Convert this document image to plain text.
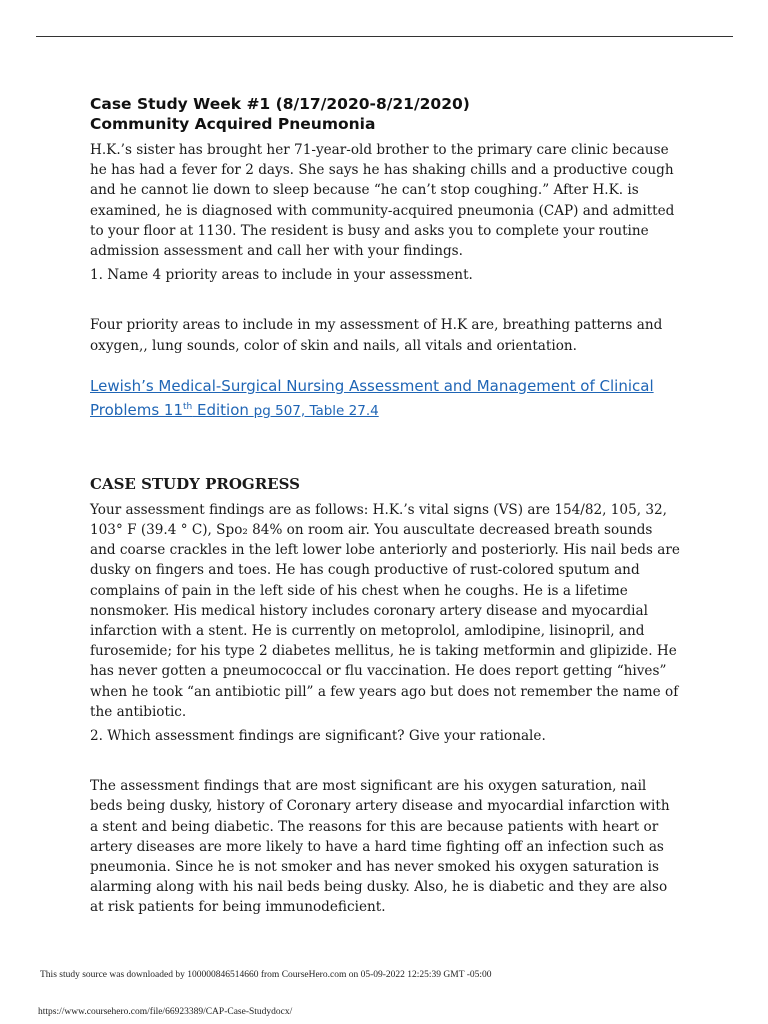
Case Study Week #1 (8/17/2020-8/21/2020)
Community Acquired Pneumonia

H.K.’s sister has brought her 71-year-old brother to the primary care clinic because he has had a fever for 2 days. She says he has shaking chills and a productive cough and he cannot lie down to sleep because “he can’t stop coughing.” After H.K. is examined, he is diagnosed with community-acquired pneumonia (CAP) and admitted to your floor at 1130. The resident is busy and asks you to complete your routine admission assessment and call her with your findings.

1. Name 4 priority areas to include in your assessment.

Four priority areas to include in my assessment of H.K are, breathing patterns and oxygen,, lung sounds, color of skin and nails, all vitals and orientation.

Lewish’s Medical-Surgical Nursing Assessment and Management of Clinical Problems 11th Edition pg 507, Table 27.4
CASE STUDY PROGRESS

Your assessment findings are as follows: H.K.’s vital signs (VS) are 154/82, 105, 32, 103° F (39.4 ° C), Spo₂ 84% on room air. You auscultate decreased breath sounds and coarse crackles in the left lower lobe anteriorly and posteriorly. His nail beds are dusky on fingers and toes. He has cough productive of rust-colored sputum and complains of pain in the left side of his chest when he coughs. He is a lifetime nonsmoker. His medical history includes coronary artery disease and myocardial infarction with a stent. He is currently on metoprolol, amlodipine, lisinopril, and furosemide; for his type 2 diabetes mellitus, he is taking metformin and glipizide. He has never gotten a pneumococcal or flu vaccination. He does report getting “hives” when he took “an antibiotic pill” a few years ago but does not remember the name of the antibiotic.

2. Which assessment findings are significant? Give your rationale.

The assessment findings that are most significant are his oxygen saturation, nail beds being dusky, history of Coronary artery disease and myocardial infarction with a stent and being diabetic. The reasons for this are because patients with heart or artery diseases are more likely to have a hard time fighting off an infection such as pneumonia. Since he is not smoker and has never smoked his oxygen saturation is alarming along with his nail beds being dusky. Also, he is diabetic and they are also at risk patients for being immunodeficient.

This study source was downloaded by 100000846514660 from CourseHero.com on 05-09-2022 12:25:39 GMT -05:00
https://www.coursehero.com/file/66923389/CAP-Case-Studydocx/
